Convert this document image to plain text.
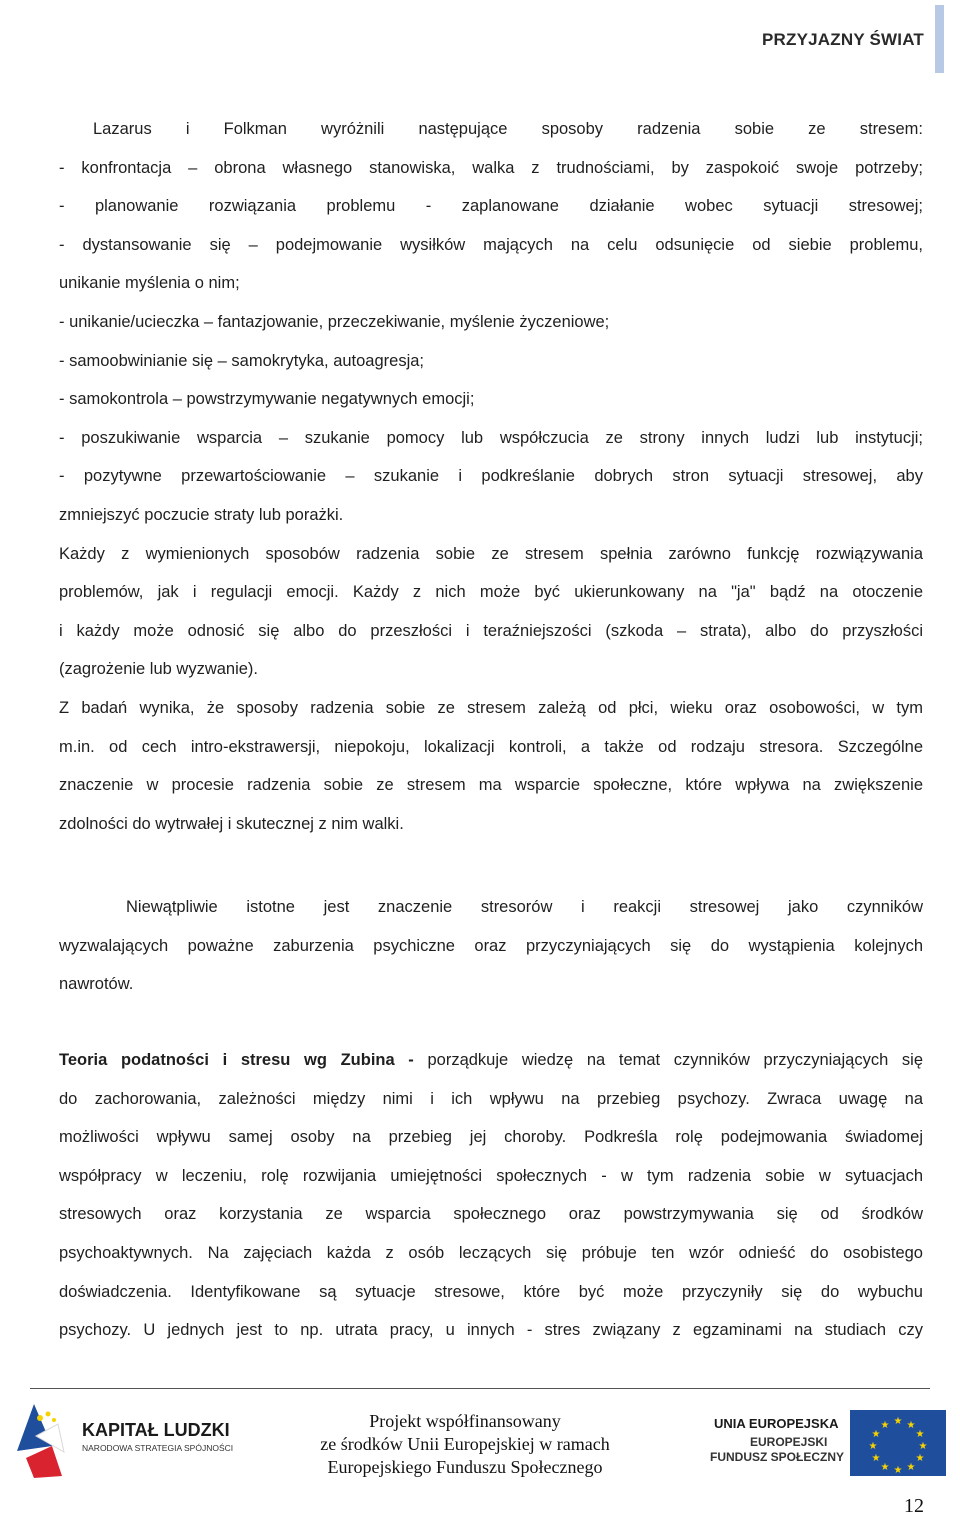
PRZYJAZNY ŚWIAT
Lazarus i Folkman wyróżnili następujące sposoby radzenia sobie ze stresem:
- konfrontacja – obrona własnego stanowiska, walka z trudnościami, by zaspokoić swoje potrzeby;
- planowanie rozwiązania problemu - zaplanowane działanie wobec sytuacji stresowej;
- dystansowanie się – podejmowanie wysiłków mających na celu odsunięcie od siebie problemu,
unikanie myślenia o nim;
- unikanie/ucieczka – fantazjowanie, przeczekiwanie, myślenie życzeniowe;
- samoobwinianie się – samokrytyka, autoagresja;
- samokontrola – powstrzymywanie negatywnych emocji;
- poszukiwanie wsparcia – szukanie pomocy lub współczucia ze strony innych ludzi lub instytucji;
- pozytywne przewartościowanie – szukanie i podkreślanie dobrych stron sytuacji stresowej, aby
zmniejszyć poczucie straty lub porażki.
Każdy z wymienionych sposobów radzenia sobie ze stresem spełnia zarówno funkcję rozwiązywania
problemów, jak i regulacji emocji. Każdy z nich może być ukierunkowany na "ja" bądź na otoczenie
i każdy może odnosić się albo do przeszłości i teraźniejszości (szkoda – strata), albo do przyszłości
(zagrożenie lub wyzwanie).
Z badań wynika, że sposoby radzenia sobie ze stresem zależą od płci, wieku oraz osobowości, w tym
m.in. od cech intro-ekstrawersji, niepokoju, lokalizacji kontroli, a także od rodzaju stresora. Szczególne
znaczenie w procesie radzenia sobie ze stresem ma wsparcie społeczne, które wpływa na zwiększenie
zdolności do wytrwałej i skutecznej z nim walki.
Niewątpliwie istotne jest znaczenie stresorów i reakcji stresowej jako czynników
wyzwalających poważne zaburzenia psychiczne oraz przyczyniających się do wystąpienia kolejnych
nawrotów.
Teoria podatności i stresu wg Zubina - porządkuje wiedzę na temat czynników przyczyniających się
do zachorowania, zależności między nimi i ich wpływu na przebieg psychozy. Zwraca uwagę na
możliwości wpływu samej osoby na przebieg jej choroby. Podkreśla rolę podejmowania świadomej
współpracy w leczeniu, rolę rozwijania umiejętności społecznych - w tym radzenia sobie w sytuacjach
stresowych oraz korzystania ze wsparcia społecznego oraz powstrzymywania się od środków
psychoaktywnych. Na zajęciach każda z osób leczących się próbuje ten wzór odnieść do osobistego
doświadczenia. Identyfikowane są sytuacje stresowe, które być może przyczyniły się do wybuchu
psychozy. U jednych jest to np. utrata pracy, u innych - stres związany z egzaminami na studiach czy
KAPITAŁ LUDZKI
NARODOWA STRATEGIA SPÓJNOŚCI
Projekt współfinansowany
ze środków Unii Europejskiej w ramach
Europejskiego Funduszu Społecznego
UNIA EUROPEJSKA
EUROPEJSKI
FUNDUSZ SPOŁECZNY
★ ★
★
★
★
★
★
★
★
★
★
★
12
